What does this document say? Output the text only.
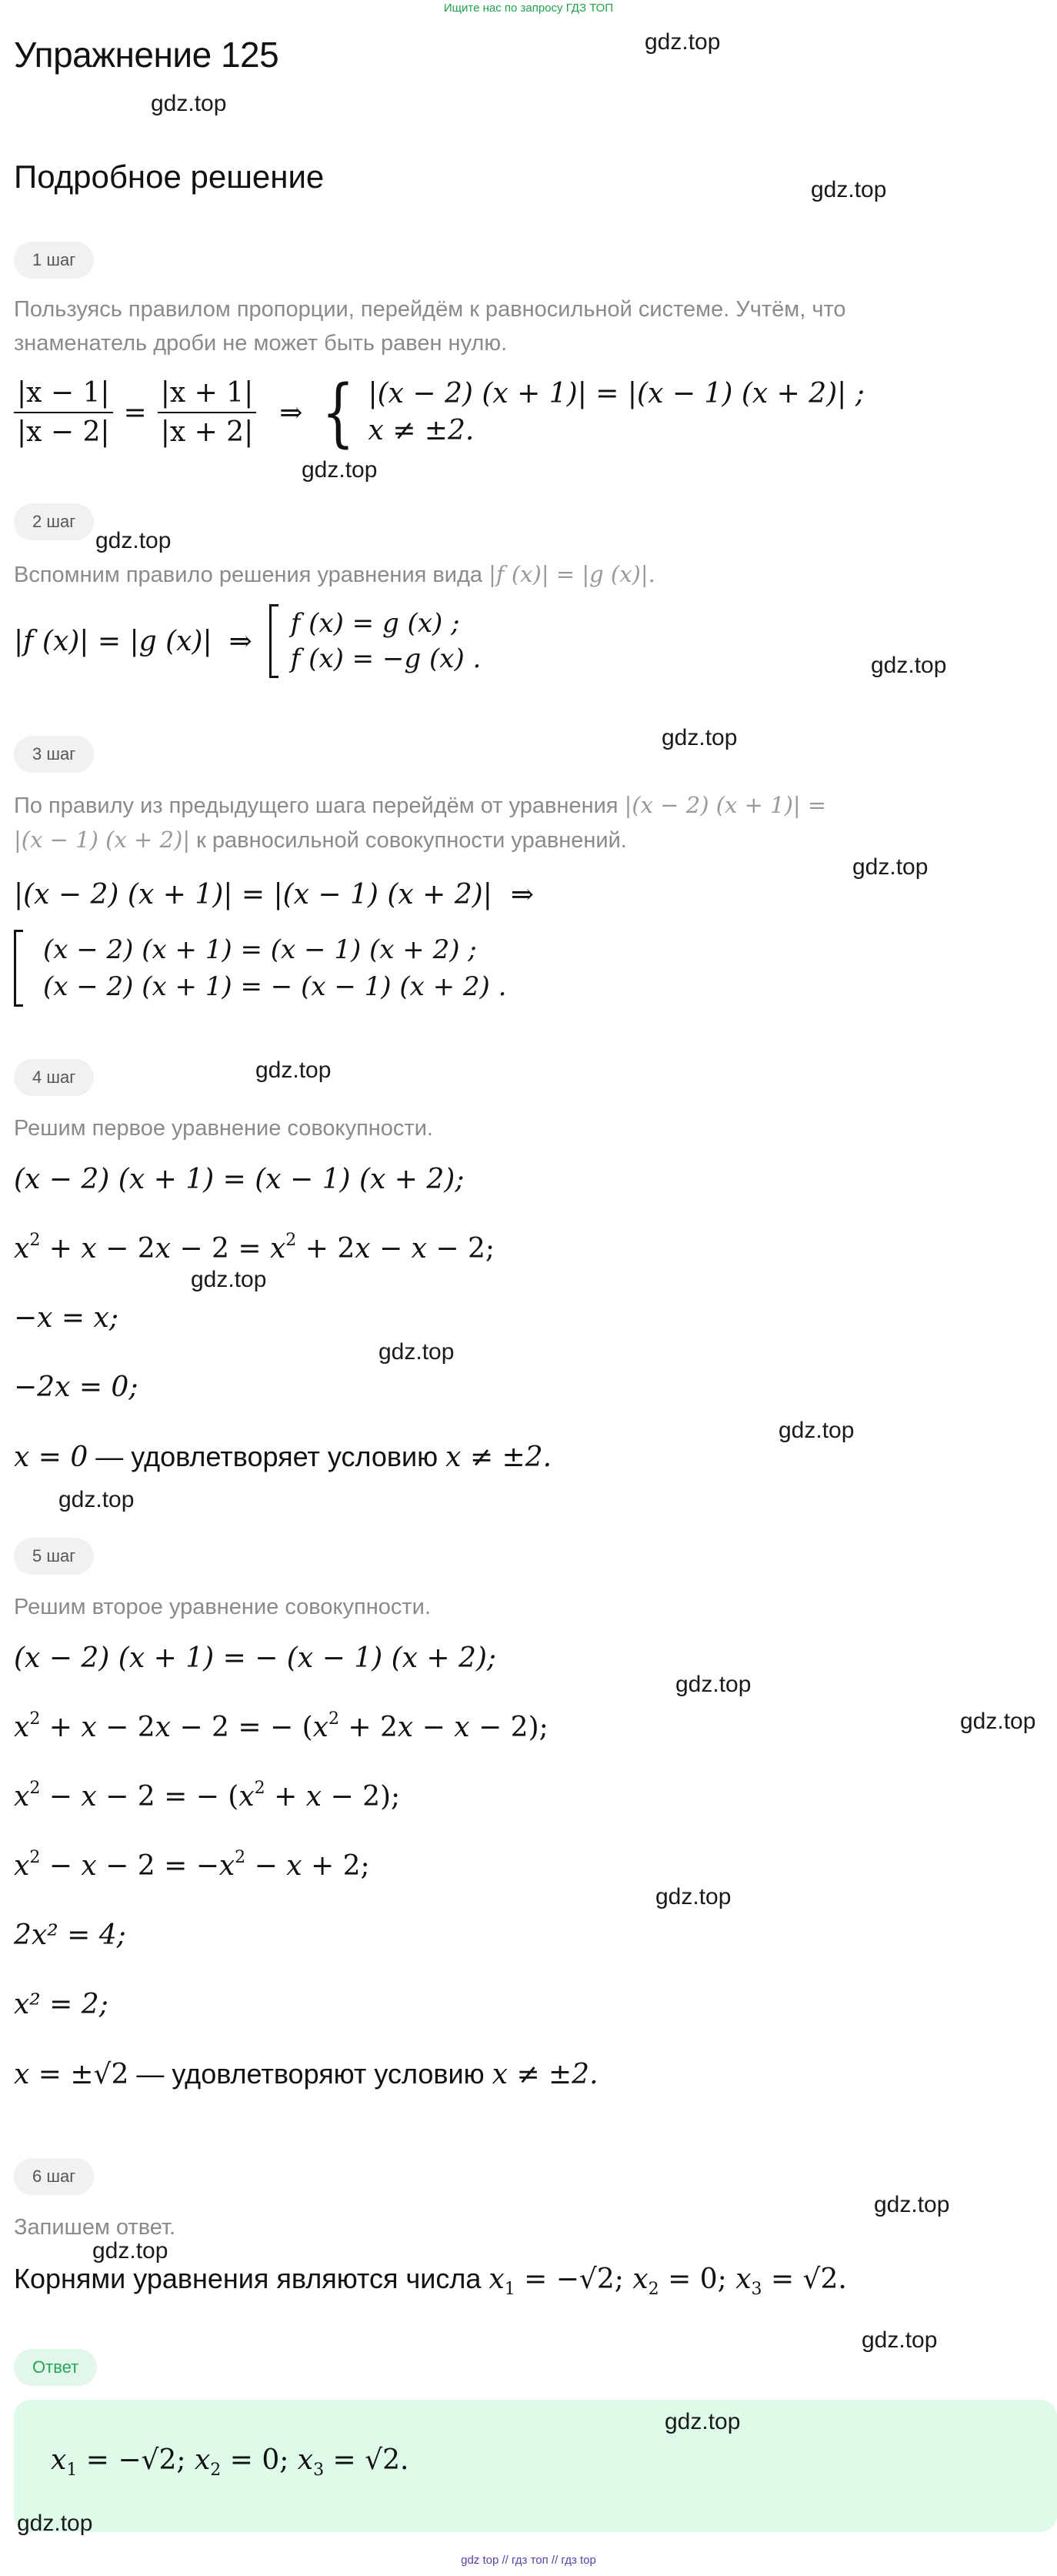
Ищите нас по запросу ГДЗ ТОП
Упражнение 125
Подробное решение
1 шаг
Пользуясь правилом пропорции, перейдём к равносильной системе. Учтём, что
знаменатель дроби не может быть равен нулю.
$\frac{|x - 1|}{|x - 2|} = \frac{|x + 1|}{|x + 2|}$ ⇒ { |(x − 2) (x + 1)| = |(x − 1) (x + 2)| ;
x ≠ ±2.
2 шаг
Вспомним правило решения уравнения вида |f (x)| = |g (x)|.
|f (x)| = |g (x)| ⇒
f (x) = g (x) ;
f (x) = −g (x) .
3 шаг
По правилу из предыдущего шага перейдём от уравнения |(x − 2) (x + 1)| =
|(x − 1) (x + 2)| к равносильной совокупности уравнений.
|(x − 2) (x + 1)| = |(x − 1) (x + 2)| ⇒
(x − 2) (x + 1) = (x − 1) (x + 2) ;
(x − 2) (x + 1) = − (x − 1) (x + 2) .
4 шаг
Решим первое уравнение совокупности.
(x − 2) (x + 1) = (x − 1) (x + 2);
$x^2 + x - 2x - 2 = x^2 + 2x - x - 2$;
−x = x;
−2x = 0;
x = 0 — удовлетворяет условию x ≠ ±2.
5 шаг
Решим второе уравнение совокупности.
(x − 2) (x + 1) = − (x − 1) (x + 2);
$x^2 + x - 2x - 2$ = − $(x^2 + 2x - x - 2)$;
$x^2 - x - 2$ = − $(x^2 + x - 2)$;
$x^2 - x - 2 = -x^2 - x + 2$;
2x² = 4;
x² = 2;
x = ±√2 — удовлетворяют условию x ≠ ±2.
6 шаг
Запишем ответ.
Корнями уравнения являются числа $x_1 = -√2$; $x_2 = 0$; $x_3 = √2$.
Ответ
$x_1 = -√2$; $x_2 = 0$; $x_3 = √2$.
gdz.top
gdz.top
gdz.top
gdz.top
gdz.top
gdz.top
gdz.top
gdz.top
gdz.top
gdz.top
gdz.top
gdz.top
gdz.top
gdz.top
gdz.top
gdz.top
gdz.top
gdz.top
gdz.top
gdz.top
gdz.top
gdz top // гдз топ // гдз top
